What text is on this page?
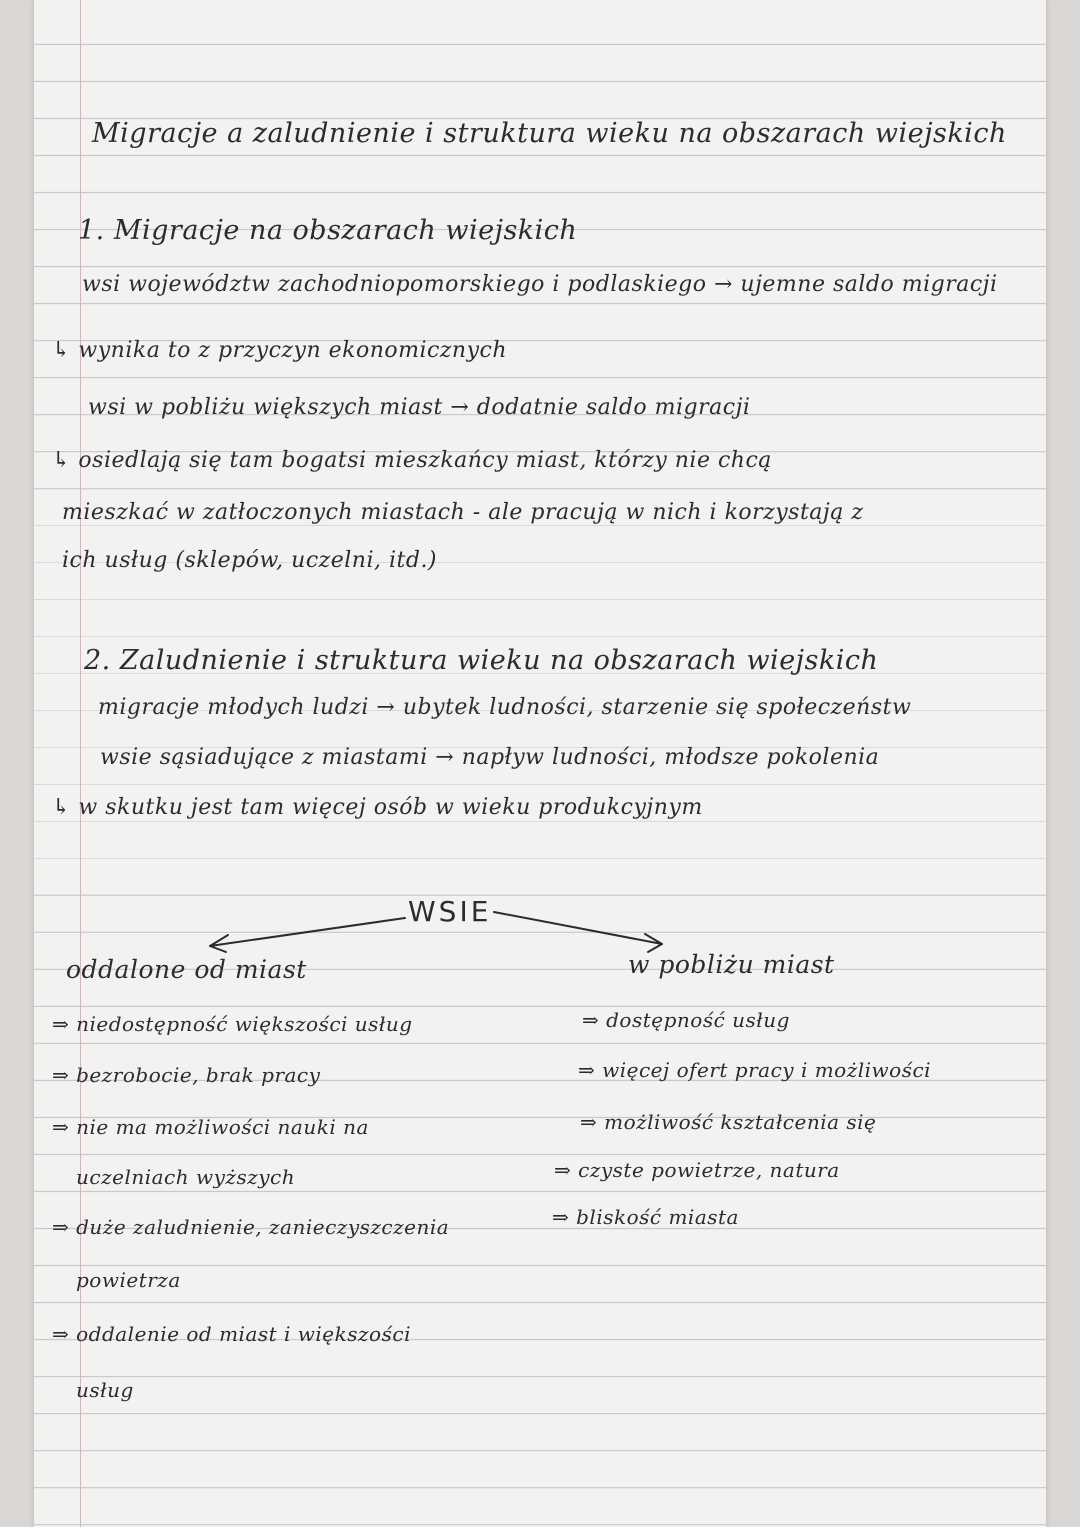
Migracje a zaludnienie i struktura wieku na obszarach wiejskich
1. Migracje na obszarach wiejskich
wsi województw zachodniopomorskiego i podlaskiego → ujemne saldo migracji
↳ wynika to z przyczyn ekonomicznych
wsi w pobliżu większych miast → dodatnie saldo migracji
↳ osiedlają się tam bogatsi mieszkańcy miast, którzy nie chcą
mieszkać w zatłoczonych miastach - ale pracują w nich i korzystają z
ich usług (sklepów, uczelni, itd.)
2. Zaludnienie i struktura wieku na obszarach wiejskich
migracje młodych ludzi → ubytek ludności, starzenie się społeczeństw
wsie sąsiadujące z miastami → napływ ludności, młodsze pokolenia
↳ w skutku jest tam więcej osób w wieku produkcyjnym
WSIE
oddalone od miast
⇒ niedostępność większości usług
⇒ bezrobocie, brak pracy
⇒ nie ma możliwości nauki na
uczelniach wyższych
⇒ duże zaludnienie, zanieczyszczenia
powietrza
⇒ oddalenie od miast i większości
usług
w pobliżu miast
⇒ dostępność usług
⇒ więcej ofert pracy i możliwości
⇒ możliwość kształcenia się
⇒ czyste powietrze, natura
⇒ bliskość miasta
